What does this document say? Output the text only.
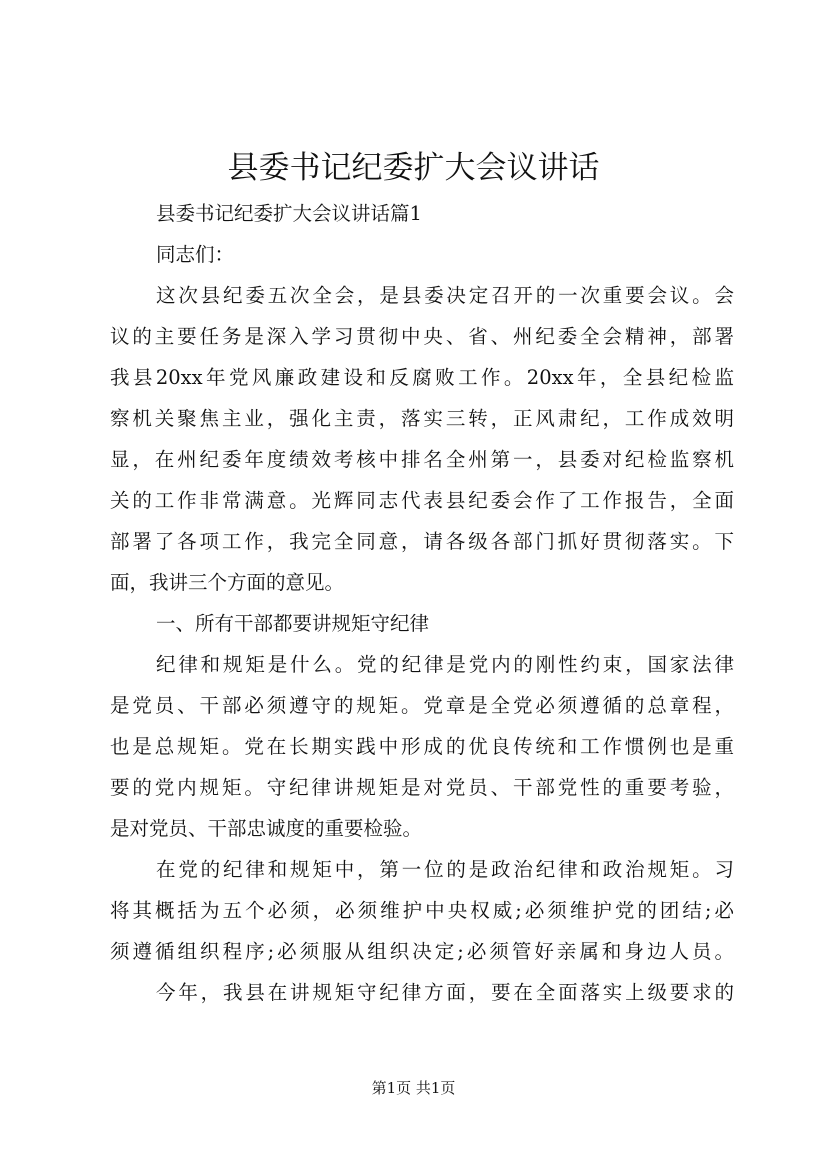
县委书记纪委扩大会议讲话

县委书记纪委扩大会议讲话篇1

同志们：

这次县纪委五次全会，是县委决定召开的一次重要会议。会

议的主要任务是深入学习贯彻中央、省、州纪委全会精神，部署

我县20xx年党风廉政建设和反腐败工作。20xx年，全县纪检监

察机关聚焦主业，强化主责，落实三转，正风肃纪，工作成效明

显，在州纪委年度绩效考核中排名全州第一，县委对纪检监察机

关的工作非常满意。光辉同志代表县纪委会作了工作报告，全面

部署了各项工作，我完全同意，请各级各部门抓好贯彻落实。下

面，我讲三个方面的意见。

一、所有干部都要讲规矩守纪律

纪律和规矩是什么。党的纪律是党内的刚性约束，国家法律

是党员、干部必须遵守的规矩。党章是全党必须遵循的总章程，

也是总规矩。党在长期实践中形成的优良传统和工作惯例也是重

要的党内规矩。守纪律讲规矩是对党员、干部党性的重要考验，

是对党员、干部忠诚度的重要检验。

在党的纪律和规矩中，第一位的是政治纪律和政治规矩。习

将其概括为五个必须，必须维护中央权威;必须维护党的团结;必

须遵循组织程序;必须服从组织决定;必须管好亲属和身边人员。

今年，我县在讲规矩守纪律方面，要在全面落实上级要求的

第1页 共1页
